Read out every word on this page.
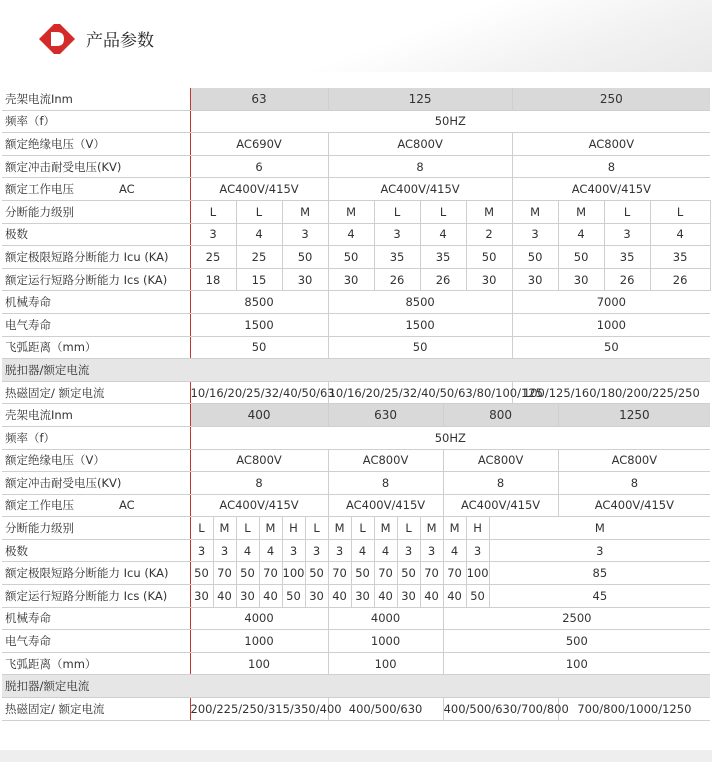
产品参数
壳架电流Inm	63						125								250				
频率（f）	50HZ																		
额定绝缘电压（V）	AC690V						AC800V								AC800V				
额定冲击耐受电压(KV)	6						8								8				
额定工作电压 AC	AC400V/415V						AC400V/415V								AC400V/415V				
分断能力级别	L		L		M		M		L		L		M		M	M	L	L			
极数	3		4		3		4		3		4		2		3	4	3	4			
额定极限短路分断能力 Icu (KA)	25		25		50		50		35		35		50		50	50	35	35			
额定运行短路分断能力 Ics (KA)	18		15		30		30		26		26		30		30	30	26	26			
机械寿命	8500						8500								7000				
电气寿命	1500						1500								1000				
飞弧距离（mm）	50						50								50				
脱扣器/额定电流																			
热磁固定/ 额定电流	10/16/20/25/32/40/50/63						10/16/20/25/32/40/50/63/80/100/125								100/125/160/180/200/225/250				
壳架电流Inm	400						630					800				1250			
频率（f）	50HZ																		
额定绝缘电压（V）	AC800V						AC800V					AC800V				AC800V			
额定冲击耐受电压(KV)	8						8					8				8			
额定工作电压 AC	AC400V/415V						AC400V/415V					AC400V/415V				AC400V/415V			
分断能力级别	L	M	L	M	H	L	M	L	M	L	M	M	H	M					
极数	3	3	4	4	3	3	3	4	4	3	3	4	3	3					
额定极限短路分断能力 Icu (KA)	50	70	50	70	100	50	70	50	70	50	70	70	100	85					
额定运行短路分断能力 Ics (KA)	30	40	30	40	50	30	40	30	40	30	40	40	50	45					
机械寿命	4000						4000					2500							
电气寿命	1000						1000					500							
飞弧距离（mm）	100						100					100							
脱扣器/额定电流																			
热磁固定/ 额定电流	200/225/250/315/350/400						400/500/630					400/500/630/700/800				700/800/1000/1250			
